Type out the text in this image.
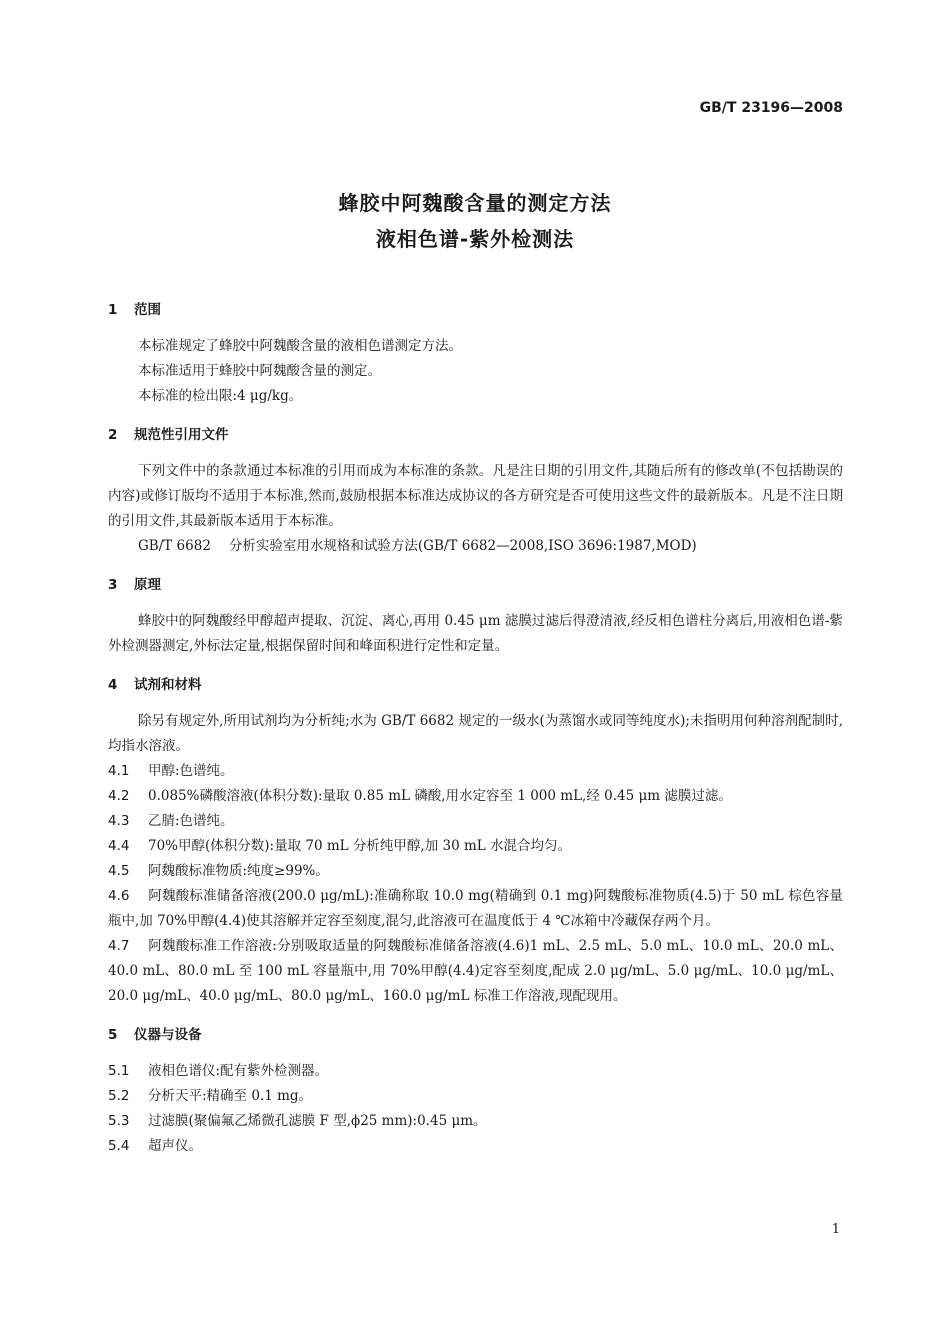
GB/T 23196—2008
蜂胶中阿魏酸含量的测定方法
液相色谱-紫外检测法
1 范围

本标准规定了蜂胶中阿魏酸含量的液相色谱测定方法。

本标准适用于蜂胶中阿魏酸含量的测定。

本标准的检出限:4 μg/kg。

2 规范性引用文件

下列文件中的条款通过本标准的引用而成为本标准的条款。凡是注日期的引用文件,其随后所有的修改单(不包括勘误的内容)或修订版均不适用于本标准,然而,鼓励根据本标准达成协议的各方研究是否可使用这些文件的最新版本。凡是不注日期的引用文件,其最新版本适用于本标准。

GB/T 6682 分析实验室用水规格和试验方法(GB/T 6682—2008,ISO 3696:1987,MOD)

3 原理

蜂胶中的阿魏酸经甲醇超声提取、沉淀、离心,再用 0.45 μm 滤膜过滤后得澄清液,经反相色谱柱分离后,用液相色谱-紫外检测器测定,外标法定量,根据保留时间和峰面积进行定性和定量。

4 试剂和材料

除另有规定外,所用试剂均为分析纯;水为 GB/T 6682 规定的一级水(为蒸馏水或同等纯度水);未指明用何种溶剂配制时,均指水溶液。

4.1 甲醇:色谱纯。

4.2 0.085%磷酸溶液(体积分数):量取 0.85 mL 磷酸,用水定容至 1 000 mL,经 0.45 μm 滤膜过滤。

4.3 乙腈:色谱纯。

4.4 70%甲醇(体积分数):量取 70 mL 分析纯甲醇,加 30 mL 水混合均匀。

4.5 阿魏酸标准物质:纯度≥99%。

4.6 阿魏酸标准储备溶液(200.0 μg/mL):准确称取 10.0 mg(精确到 0.1 mg)阿魏酸标准物质(4.5)于 50 mL 棕色容量瓶中,加 70%甲醇(4.4)使其溶解并定容至刻度,混匀,此溶液可在温度低于 4 ℃冰箱中冷藏保存两个月。

4.7 阿魏酸标准工作溶液:分别吸取适量的阿魏酸标准储备溶液(4.6)1 mL、2.5 mL、5.0 mL、10.0 mL、20.0 mL、40.0 mL、80.0 mL 至 100 mL 容量瓶中,用 70%甲醇(4.4)定容至刻度,配成 2.0 μg/mL、5.0 μg/mL、10.0 μg/mL、20.0 μg/mL、40.0 μg/mL、80.0 μg/mL、160.0 μg/mL 标准工作溶液,现配现用。

5 仪器与设备

5.1 液相色谱仪:配有紫外检测器。

5.2 分析天平:精确至 0.1 mg。

5.3 过滤膜(聚偏氟乙烯微孔滤膜 F 型,ϕ25 mm):0.45 μm。

5.4 超声仪。

1
